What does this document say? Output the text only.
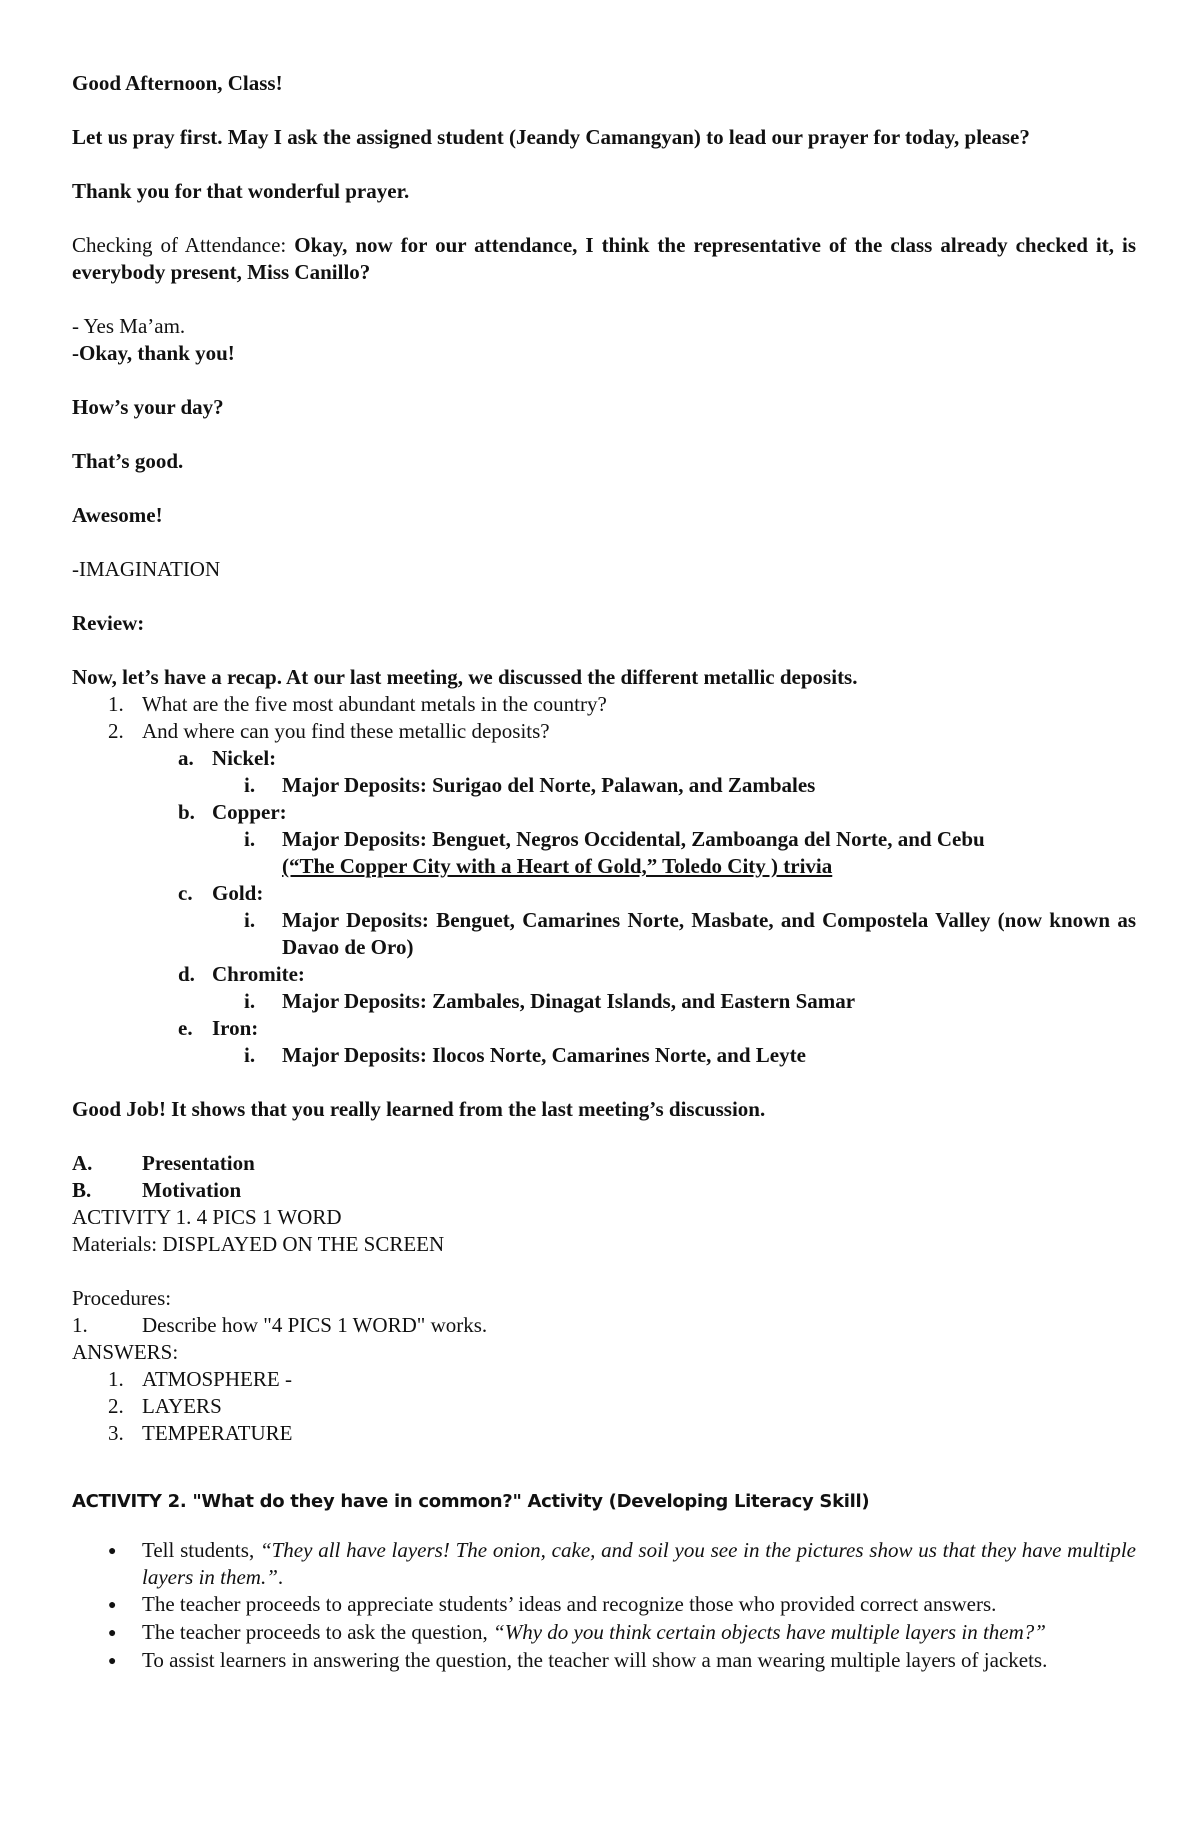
Good Afternoon, Class!

Let us pray first. May I ask the assigned student (Jeandy Camangyan) to lead our prayer for today, please?

Thank you for that wonderful prayer.

Checking of Attendance: Okay, now for our attendance, I think the representative of the class already checked it, is everybody present, Miss Canillo?

- Yes Ma’am.

-Okay, thank you!

How’s your day?

That’s good.

Awesome!

-IMAGINATION

Review:

Now, let’s have a recap. At our last meeting, we discussed the different metallic deposits.

1. What are the five most abundant metals in the country?
2. And where can you find these metallic deposits?
a. Nickel:
i.	Major Deposits: Surigao del Norte, Palawan, and Zambales
b. Copper:
i.	Major Deposits: Benguet, Negros Occidental, Zamboanga del Norte, and Cebu
(“The Copper City with a Heart of Gold,” Toledo City ) trivia
c. Gold:
i.	Major Deposits: Benguet, Camarines Norte, Masbate, and Compostela Valley (now known as Davao de Oro)
d. Chromite:
i.	Major Deposits: Zambales, Dinagat Islands, and Eastern Samar
e. Iron:
i.	Major Deposits: Ilocos Norte, Camarines Norte, and Leyte

Good Job! It shows that you really learned from the last meeting’s discussion.

A.	Presentation
B.	Motivation

ACTIVITY 1. 4 PICS 1 WORD

Materials: DISPLAYED ON THE SCREEN

Procedures:

1.	Describe how "4 PICS 1 WORD" works.

ANSWERS:

1. ATMOSPHERE -
2. LAYERS
3. TEMPERATURE

ACTIVITY 2. "What do they have in common?" Activity (Developing Literacy Skill)

●	Tell students, “They all have layers! The onion, cake, and soil you see in the pictures show us that they have multiple layers in them.”.
●	The teacher proceeds to appreciate students’ ideas and recognize those who provided correct answers.
●	The teacher proceeds to ask the question, “Why do you think certain objects have multiple layers in them?”
●	To assist learners in answering the question, the teacher will show a man wearing multiple layers of jackets.
